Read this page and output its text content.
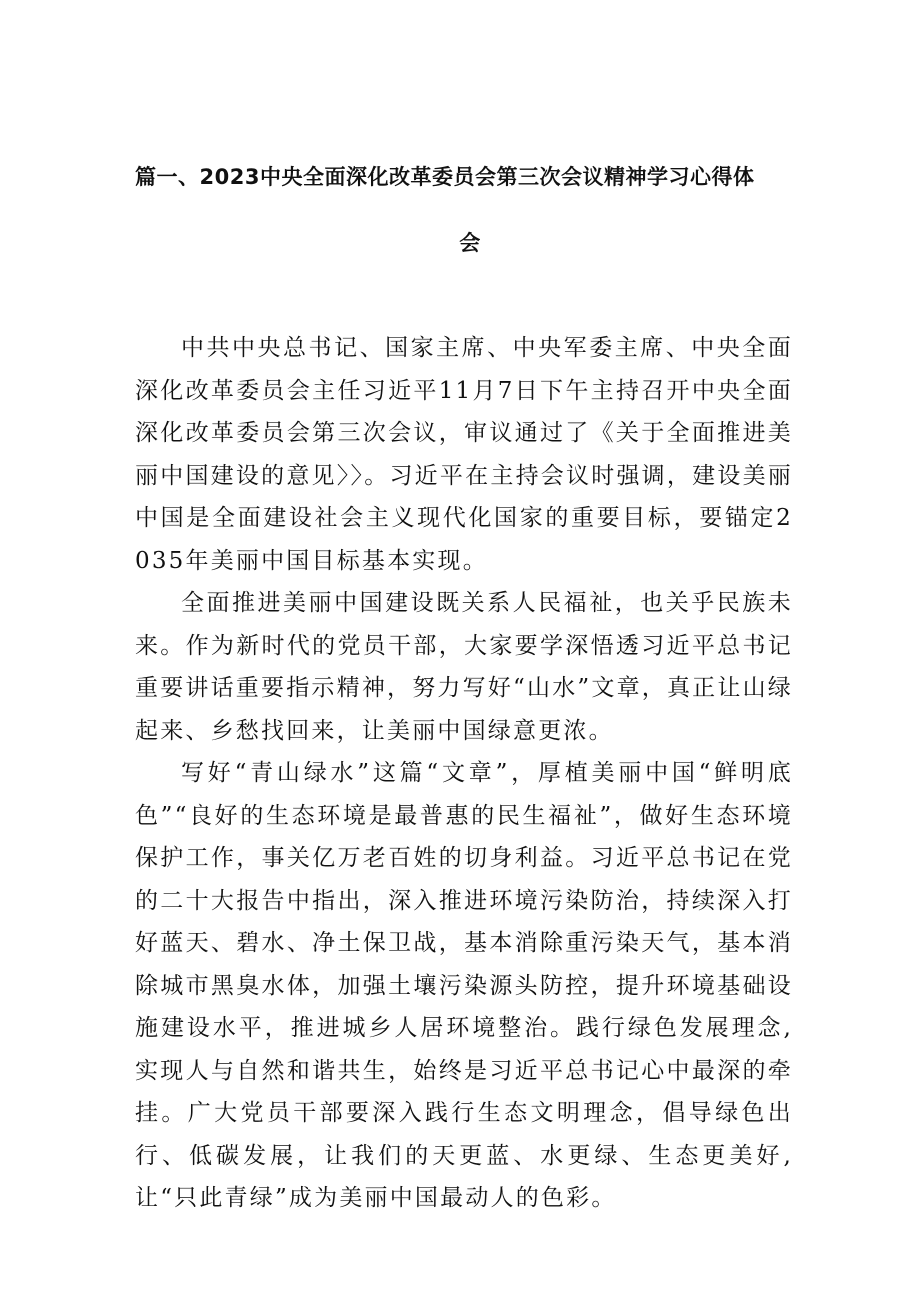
篇一、2023中央全面深化改革委员会第三次会议精神学习心得体
会

中共中央总书记、国家主席、中央军委主席、中央全面深化改革委员会主任习近平11月7日下午主持召开中央全面深化改革委员会第三次会议，审议通过了《关于全面推进美丽中国建设的意见〉〉。习近平在主持会议时强调，建设美丽中国是全面建设社会主义现代化国家的重要目标，要锚定2035年美丽中国目标基本实现。

全面推进美丽中国建设既关系人民福祉，也关乎民族未来。作为新时代的党员干部，大家要学深悟透习近平总书记重要讲话重要指示精神，努力写好“山水”文章，真正让山绿起来、乡愁找回来，让美丽中国绿意更浓。

写好“青山绿水”这篇“文章”，厚植美丽中国“鲜明底色”“良好的生态环境是最普惠的民生福祉”，做好生态环境保护工作，事关亿万老百姓的切身利益。习近平总书记在党的二十大报告中指出，深入推进环境污染防治，持续深入打好蓝天、碧水、净土保卫战，基本消除重污染天气，基本消除城市黑臭水体，加强土壤污染源头防控，提升环境基础设施建设水平，推进城乡人居环境整治。践行绿色发展理念,实现人与自然和谐共生，始终是习近平总书记心中最深的牵挂。广大党员干部要深入践行生态文明理念，倡导绿色出行、低碳发展，让我们的天更蓝、水更绿、生态更美好,让“只此青绿”成为美丽中国最动人的色彩。
